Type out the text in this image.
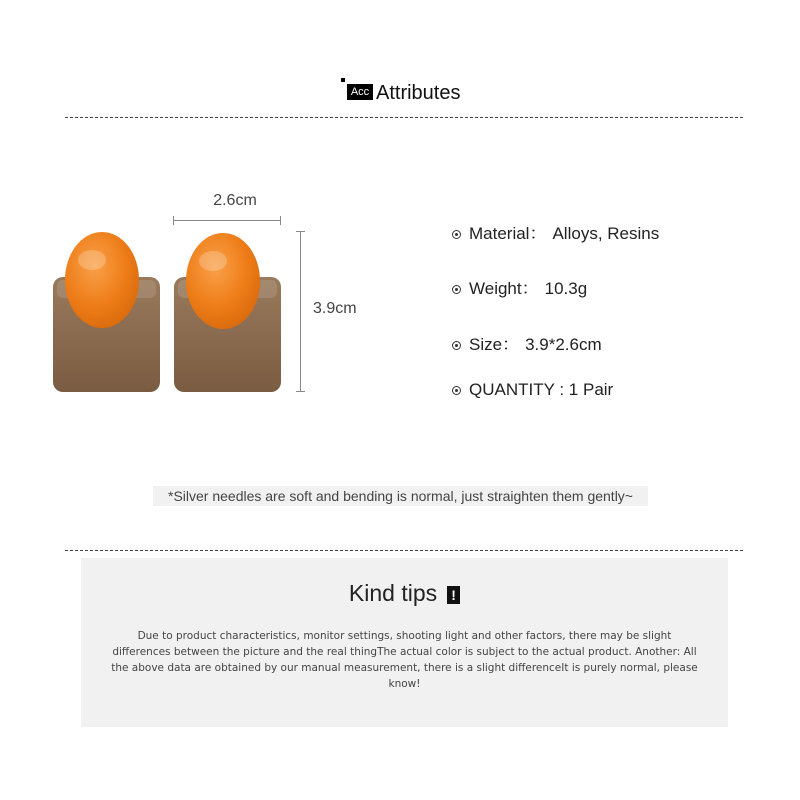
Acc Attributes
2.6cm
3.9cm
Material： Alloys, Resins
Weight： 10.3g
Size： 3.9*2.6cm
QUANTITY : 1 Pair
*Silver needles are soft and bending is normal, just straighten them gently~
Kind tips !
Due to product characteristics, monitor settings, shooting light and other factors, there may be slight differences between the picture and the real thingThe actual color is subject to the actual product. Another: All the above data are obtained by our manual measurement, there is a slight differenceIt is purely normal, please know!
